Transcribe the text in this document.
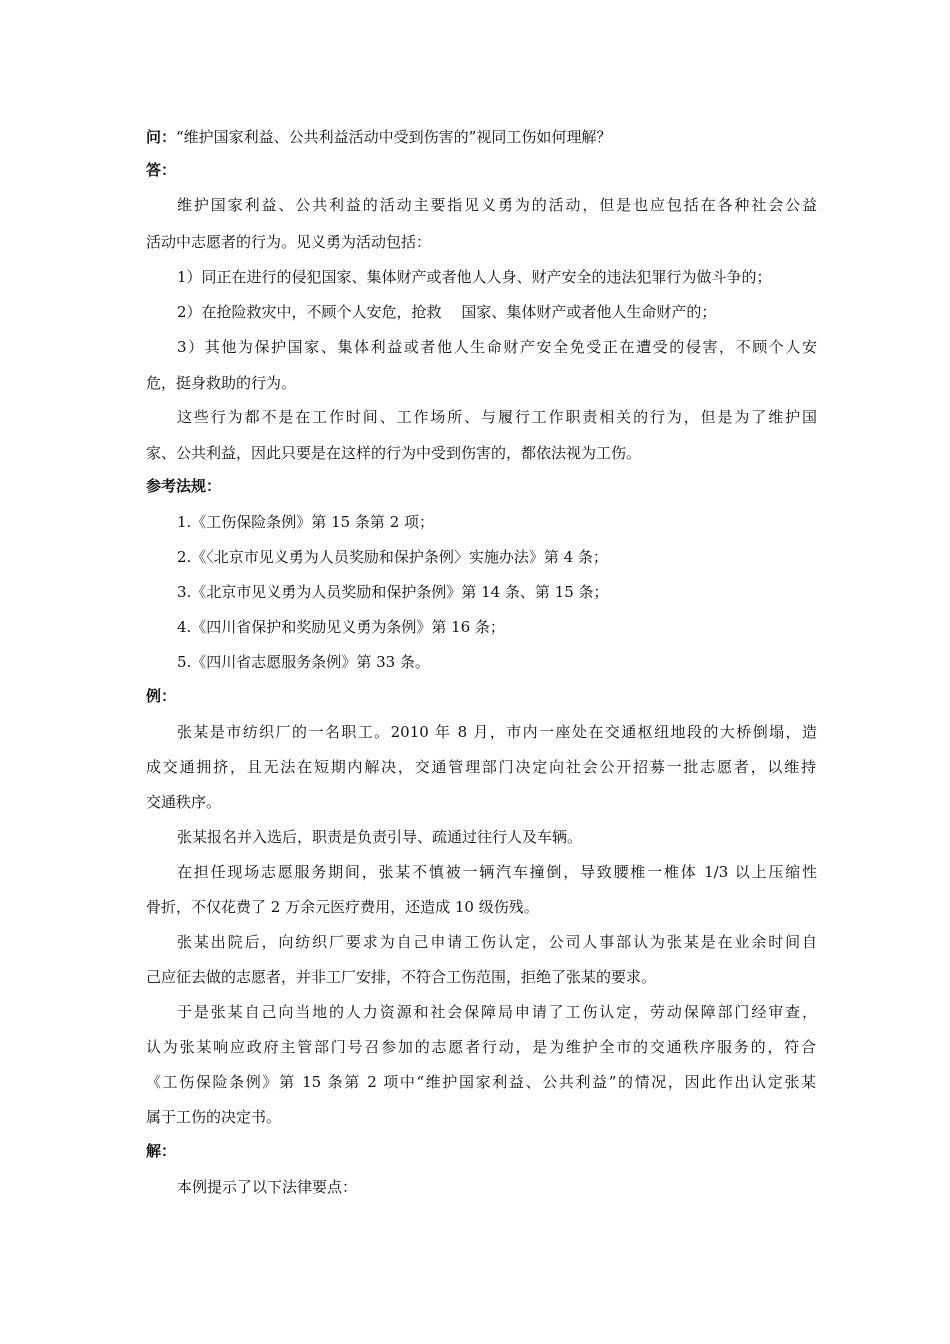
问：“维护国家利益、公共利益活动中受到伤害的”视同工伤如何理解？
答：
维护国家利益、公共利益的活动主要指见义勇为的活动，但是也应包括在各种社会公益
活动中志愿者的行为。见义勇为活动包括：
1）同正在进行的侵犯国家、集体财产或者他人人身、财产安全的违法犯罪行为做斗争的；
2）在抢险救灾中，不顾个人安危，抢救　 国家、集体财产或者他人生命财产的；
3）其他为保护国家、集体利益或者他人生命财产安全免受正在遭受的侵害，不顾个人安
危，挺身救助的行为。
这些行为都不是在工作时间、工作场所、与履行工作职责相关的行为，但是为了维护国
家、公共利益，因此只要是在这样的行为中受到伤害的，都依法视为工伤。
参考法规：
1.《工伤保险条例》第 15 条第 2 项；
2.《〈北京市见义勇为人员奖励和保护条例〉实施办法》第 4 条；
3.《北京市见义勇为人员奖励和保护条例》第 14 条、第 15 条；
4.《四川省保护和奖励见义勇为条例》第 16 条；
5.《四川省志愿服务条例》第 33 条。
例：
张某是市纺织厂的一名职工。2010 年 8 月，市内一座处在交通枢纽地段的大桥倒塌，造
成交通拥挤，且无法在短期内解决，交通管理部门决定向社会公开招募一批志愿者，以维持
交通秩序。
张某报名并入选后，职责是负责引导、疏通过往行人及车辆。
在担任现场志愿服务期间，张某不慎被一辆汽车撞倒，导致腰椎一椎体 1/3 以上压缩性
骨折，不仅花费了 2 万余元医疗费用，还造成 10 级伤残。
张某出院后，向纺织厂要求为自己申请工伤认定，公司人事部认为张某是在业余时间自
己应征去做的志愿者，并非工厂安排，不符合工伤范围，拒绝了张某的要求。
于是张某自己向当地的人力资源和社会保障局申请了工伤认定，劳动保障部门经审查，
认为张某响应政府主管部门号召参加的志愿者行动，是为维护全市的交通秩序服务的，符合
《工伤保险条例》第 15 条第 2 项中“维护国家利益、公共利益”的情况，因此作出认定张某
属于工伤的决定书。
解：
本例提示了以下法律要点：
